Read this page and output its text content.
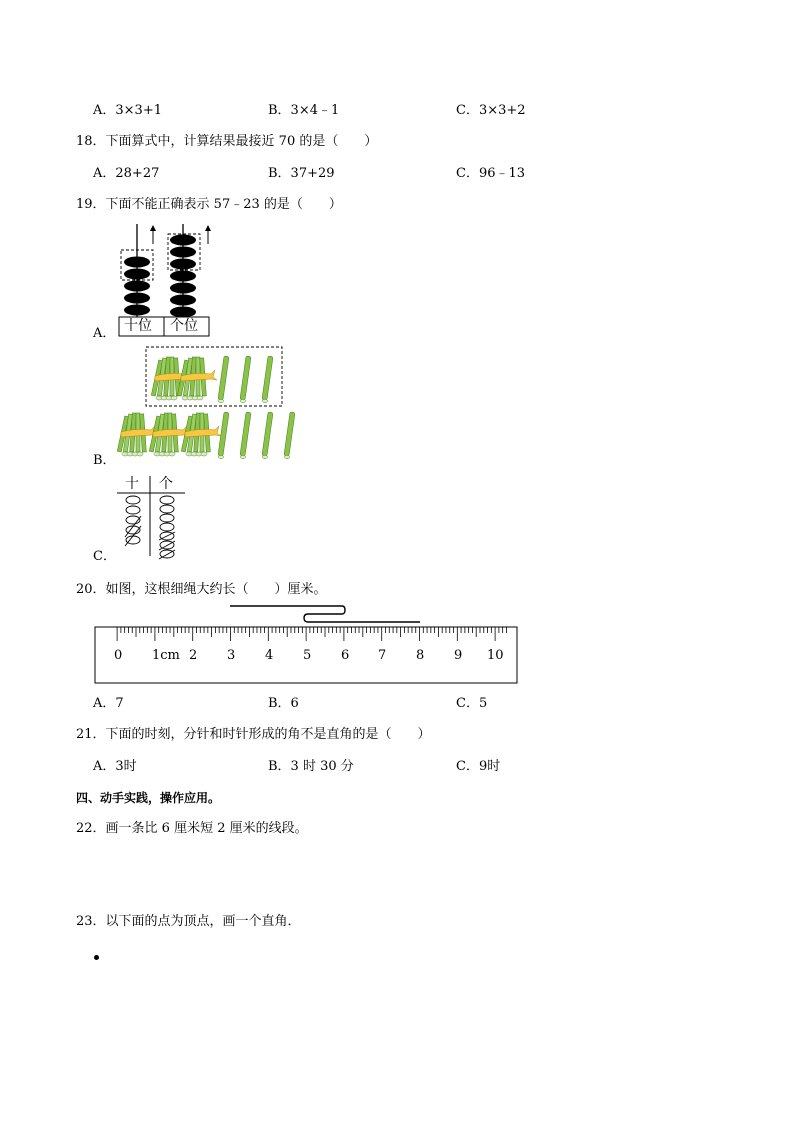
A．3×3+1	B．3×4﹣1	C．3×3+2
18．下面算式中，计算结果最接近 70 的是（　　）
A．28+27	B．37+29	C．96﹣13
19．下面不能正确表示 57﹣23 的是（　　）
A． 十位 个位
B．
C．
十 个
20．如图，这根细绳大约长（　　）厘米。
0 1cm 2 3 4 5 6 7 8 9 10
A．7	B．6	C．5
21．下面的时刻，分针和时针形成的角不是直角的是（　　）
A．3时	B．3 时 30 分	C．9时
四、动手实践，操作应用。
22．画一条比 6 厘米短 2 厘米的线段。
23．以下面的点为顶点，画一个直角．
